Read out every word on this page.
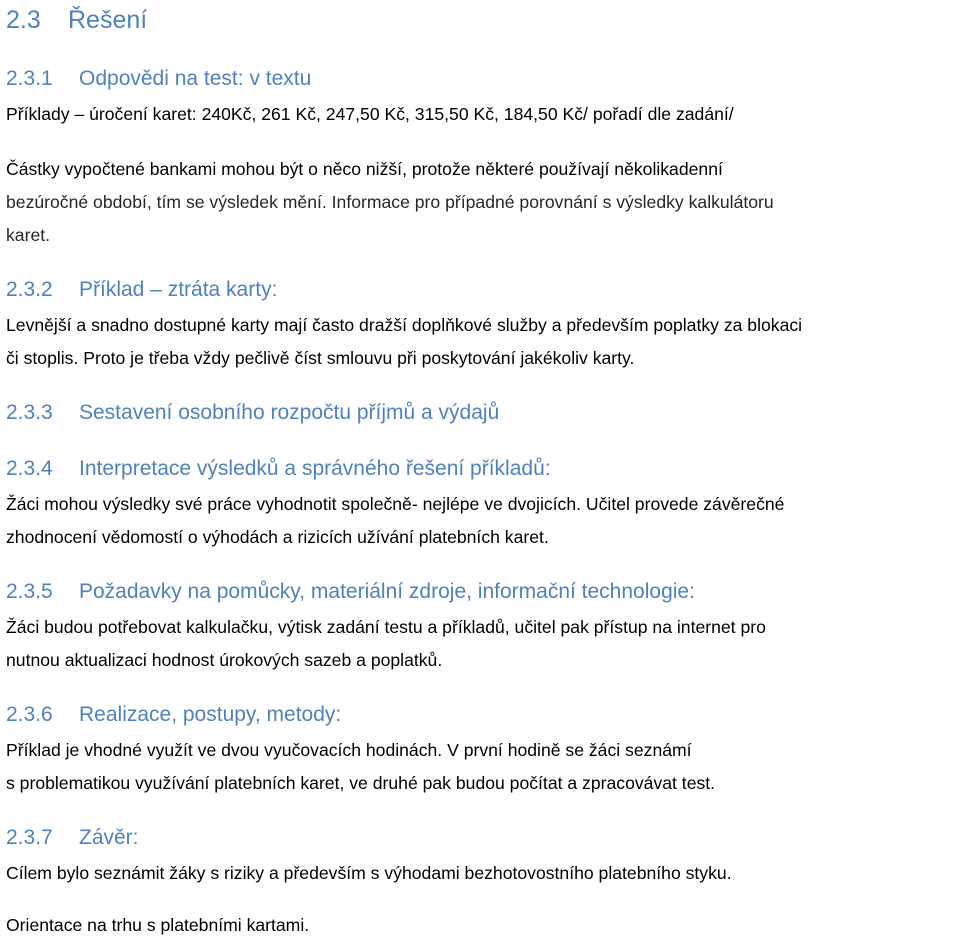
2.3 Řešení
2.3.1 Odpovědi na test: v textu
Příklady – úročení karet: 240Kč, 261 Kč, 247,50 Kč, 315,50 Kč, 184,50 Kč/ pořadí dle zadání/
Částky vypočtené bankami mohou být o něco nižší, protože některé používají několikadenní
bezúročné období, tím se výsledek mění. Informace pro případné porovnání s výsledky kalkulátoru
karet.
2.3.2 Příklad – ztráta karty:
Levnější a snadno dostupné karty mají často dražší doplňkové služby a především poplatky za blokaci
či stoplis. Proto je třeba vždy pečlivě číst smlouvu při poskytování jakékoliv karty.
2.3.3 Sestavení osobního rozpočtu příjmů a výdajů
2.3.4 Interpretace výsledků a správného řešení příkladů:
Žáci mohou výsledky své práce vyhodnotit společně- nejlépe ve dvojicích. Učitel provede závěrečné
zhodnocení vědomostí o výhodách a rizicích užívání platebních karet.
2.3.5 Požadavky na pomůcky, materiální zdroje, informační technologie:
Žáci budou potřebovat kalkulačku, výtisk zadání testu a příkladů, učitel pak přístup na internet pro
nutnou aktualizaci hodnost úrokových sazeb a poplatků.
2.3.6 Realizace, postupy, metody:
Příklad je vhodné využít ve dvou vyučovacích hodinách. V první hodině se žáci seznámí
s problematikou využívání platebních karet, ve druhé pak budou počítat a zpracovávat test.
2.3.7 Závěr:
Cílem bylo seznámit žáky s riziky a především s výhodami bezhotovostního platebního styku.
Orientace na trhu s platebními kartami.
